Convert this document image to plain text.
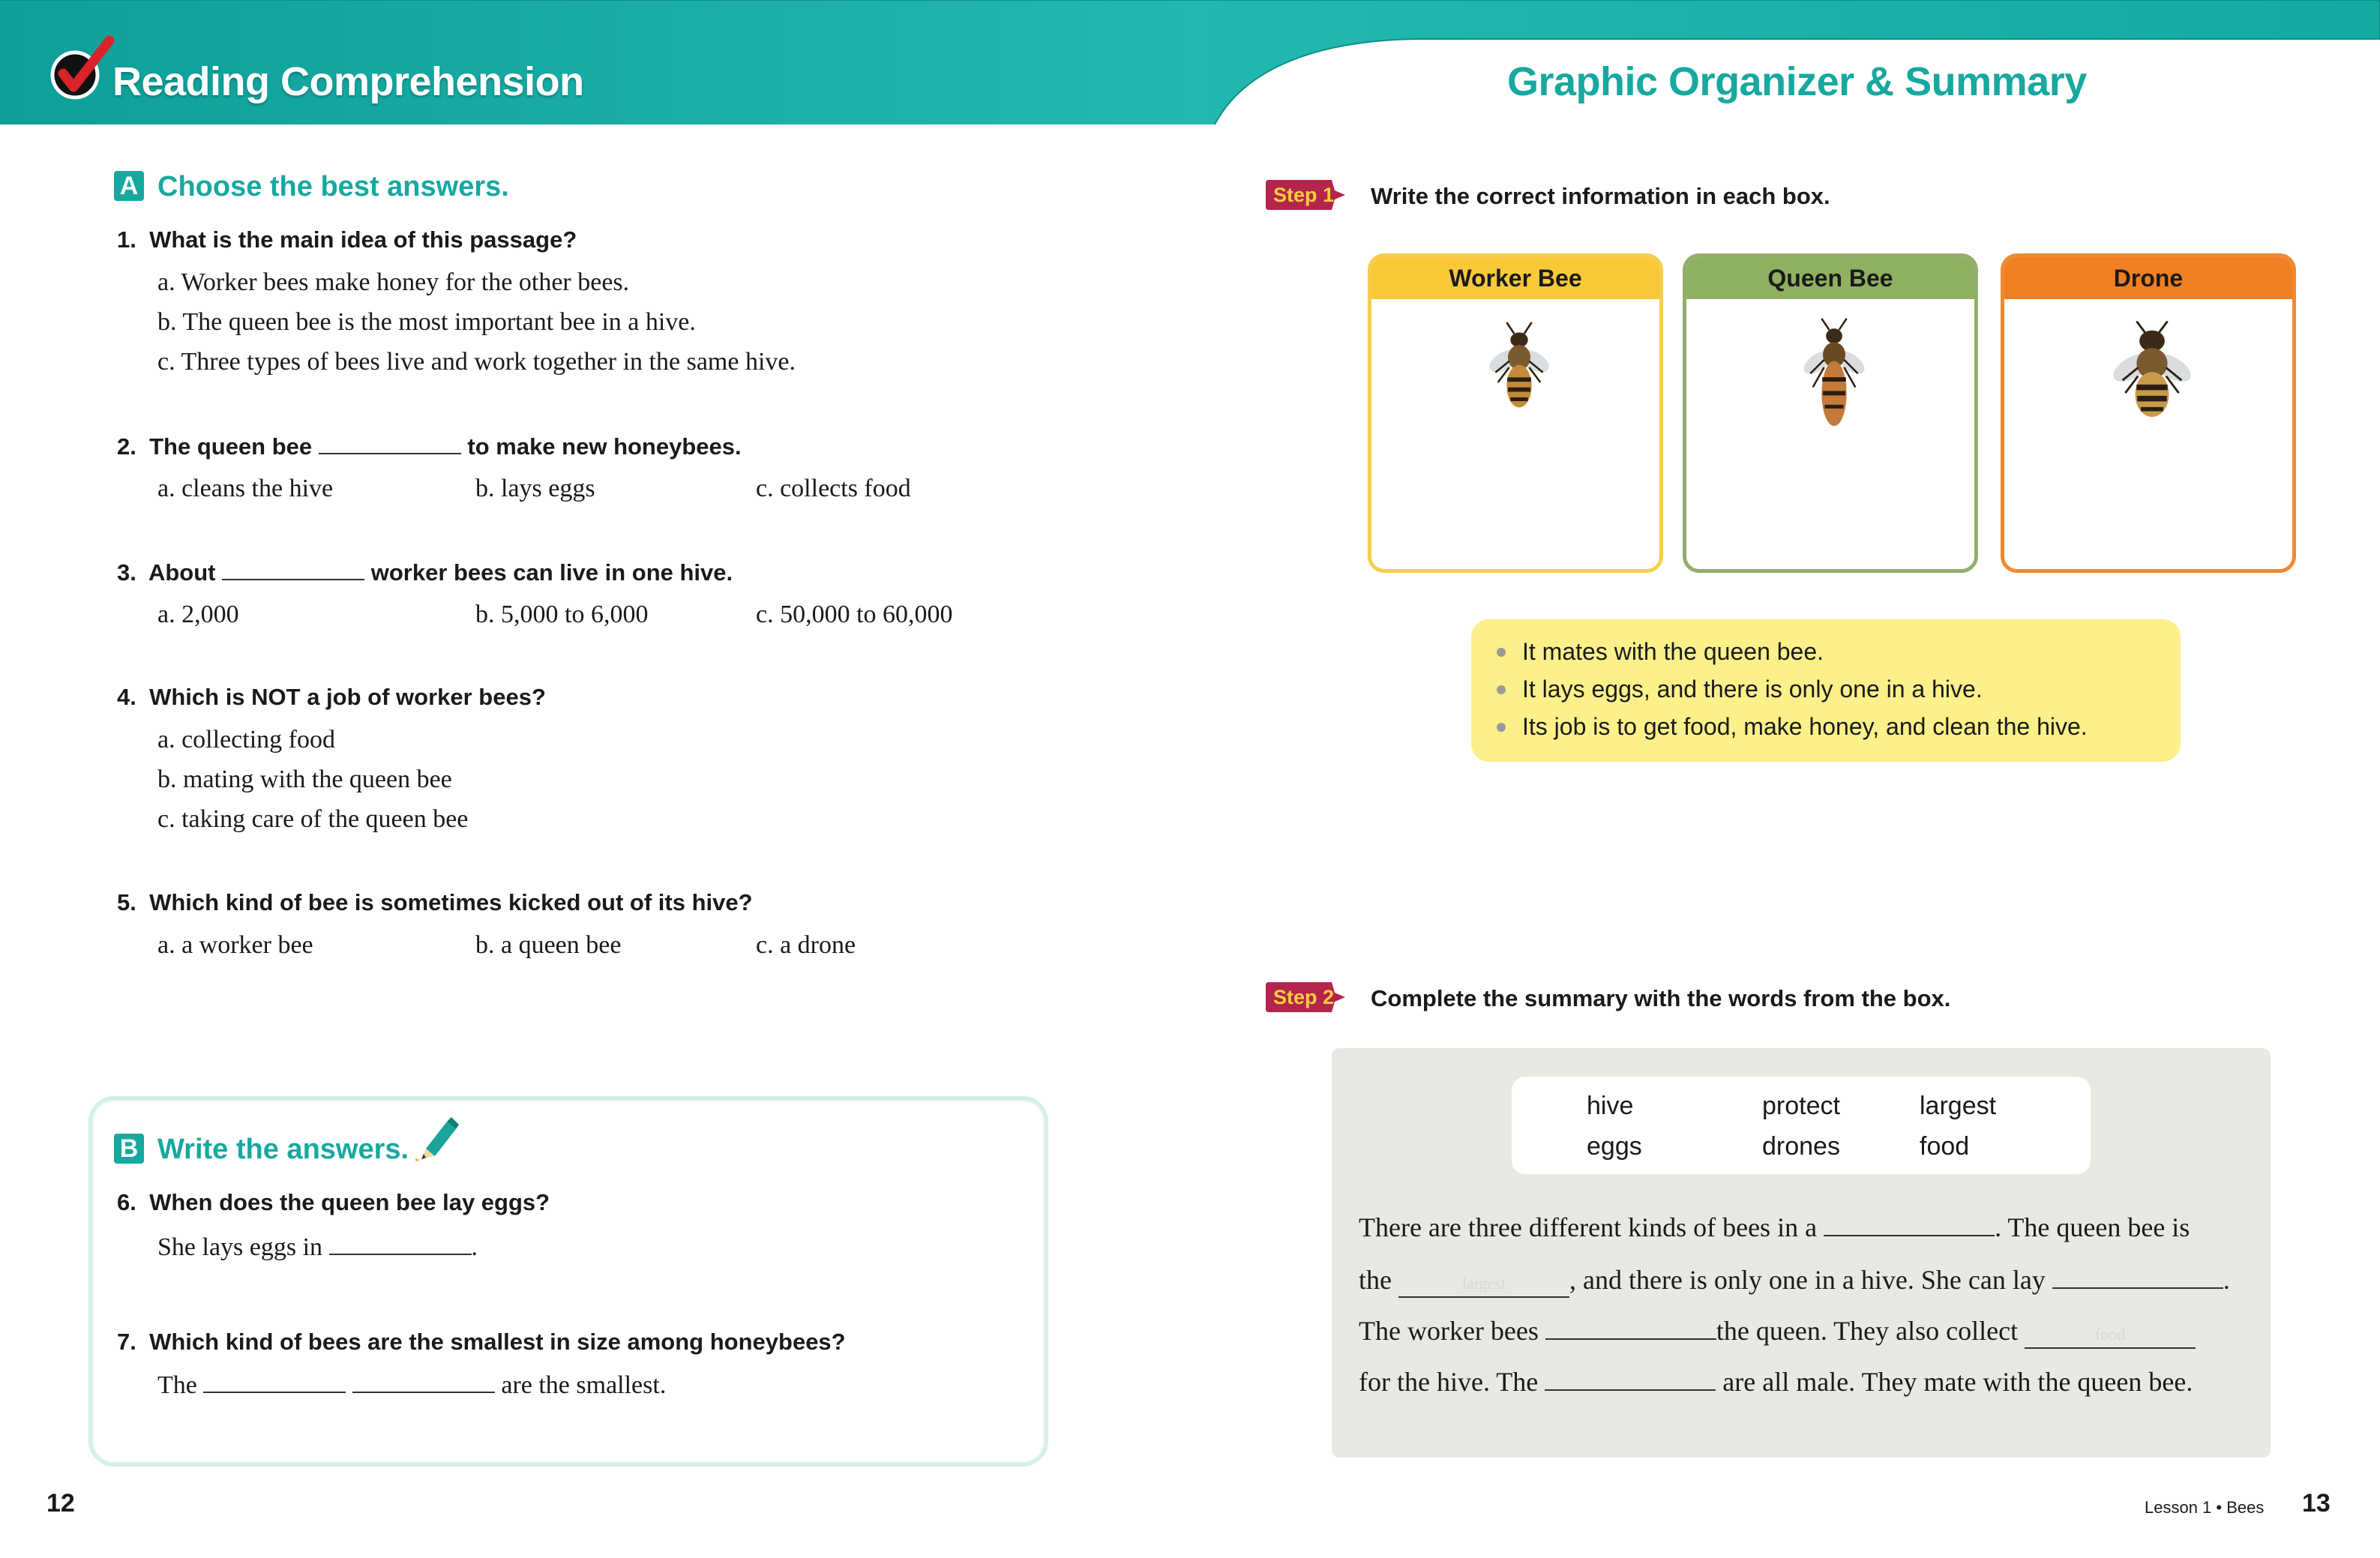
Reading Comprehension	Graphic Organizer & Summary
A Choose the best answers.
1. What is the main idea of this passage?
a. Worker bees make honey for the other bees.
b. The queen bee is the most important bee in a hive.
c. Three types of bees live and work together in the same hive.
2. The queen bee	to make new honeybees.
a. cleans the hive	b. lays eggs	c. collects food
3. About	worker bees can live in one hive.
a. 2,000	b. 5,000 to 6,000	c. 50,000 to 60,000
4. Which is NOT a job of worker bees?
a. collecting food
b. mating with the queen bee
c. taking care of the queen bee
5. Which kind of bee is sometimes kicked out of its hive?
a. a worker bee	b. a queen bee	c. a drone
B Write the answers.
6. When does the queen bee lay eggs?
She lays eggs in	.
7. Which kind of bees are the smallest in size among honeybees?
The	are the smallest.
Step 1 Write the correct information in each box.
Worker Bee	Queen Bee	Drone
It mates with the queen bee.
It lays eggs, and there is only one in a hive.
Its job is to get food, make honey, and clean the hive.
Step 2 Complete the summary with the words from the box.
hive	protect	largest
eggs	drones	food
There are three different kinds of bees in a	. The queen bee is
the	largest , and there is only one in a hive. She can lay	.
The worker bees	the queen. They also collect	food
for the hive. The	are all male. They mate with the queen bee.
12	Lesson 1 • Bees 13
